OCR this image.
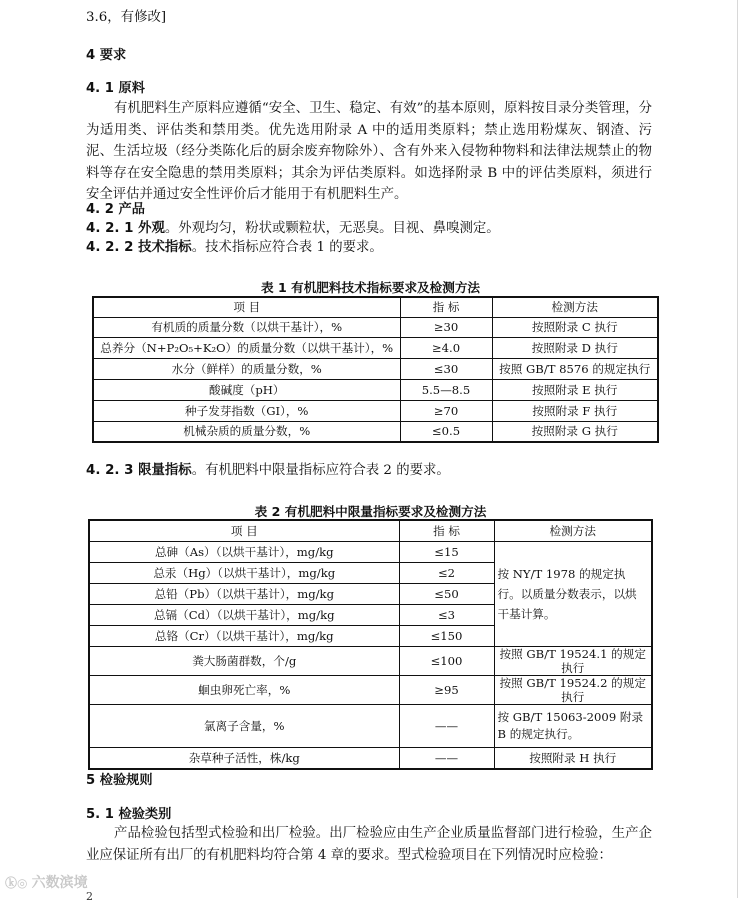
3.6，有修改]
4 要求
4. 1 原料
有机肥料生产原料应遵循“安全、卫生、稳定、有效”的基本原则，原料按目录分类管理，分为适用类、评估类和禁用类。优先选用附录 A 中的适用类原料；禁止选用粉煤灰、钢渣、污泥、生活垃圾（经分类陈化后的厨余废弃物除外）、含有外来入侵物种物料和法律法规禁止的物料等存在安全隐患的禁用类原料；其余为评估类原料。如选择附录 B 中的评估类原料，须进行安全评估并通过安全性评价后才能用于有机肥料生产。
4. 2 产品
4. 2. 1 外观。外观均匀，粉状或颗粒状，无恶臭。目视、鼻嗅测定。
4. 2. 2 技术指标。技术指标应符合表 1 的要求。
表 1 有机肥料技术指标要求及检测方法
项 目	指 标	检测方法
有机质的质量分数（以烘干基计），%	≥30	按照附录 C 执行
总养分（N+P₂O₅+K₂O）的质量分数（以烘干基计），%	≥4.0	按照附录 D 执行
水分（鲜样）的质量分数，%	≤30	按照 GB/T 8576 的规定执行
酸碱度（pH）	5.5—8.5	按照附录 E 执行
种子发芽指数（GI），%	≥70	按照附录 F 执行
机械杂质的质量分数，%	≤0.5	按照附录 G 执行
4. 2. 3 限量指标。有机肥料中限量指标应符合表 2 的要求。
表 2 有机肥料中限量指标要求及检测方法
项 目	指 标	检测方法
总砷（As）（以烘干基计），mg/kg	≤15	按 NY/T 1978 的规定执行。以质量分数表示，以烘干基计算。
总汞（Hg）（以烘干基计），mg/kg	≤2	
总铅（Pb）（以烘干基计），mg/kg	≤50	
总镉（Cd）（以烘干基计），mg/kg	≤3	
总铬（Cr）（以烘干基计），mg/kg	≤150	
粪大肠菌群数，个/g	≤100	按照 GB/T 19524.1 的规定执行
蛔虫卵死亡率，%	≥95	按照 GB/T 19524.2 的规定执行
氯离子含量，%	——	按 GB/T 15063-2009 附录 B 的规定执行。
杂草种子活性，株/kg	——	按照附录 H 执行
5 检验规则
5. 1 检验类别
产品检验包括型式检验和出厂检验。出厂检验应由生产企业质量监督部门进行检验，生产企业应保证所有出厂的有机肥料均符合第 4 章的要求。型式检验项目在下列情况时应检验：
ⓚ◎ 六数滨境
2
